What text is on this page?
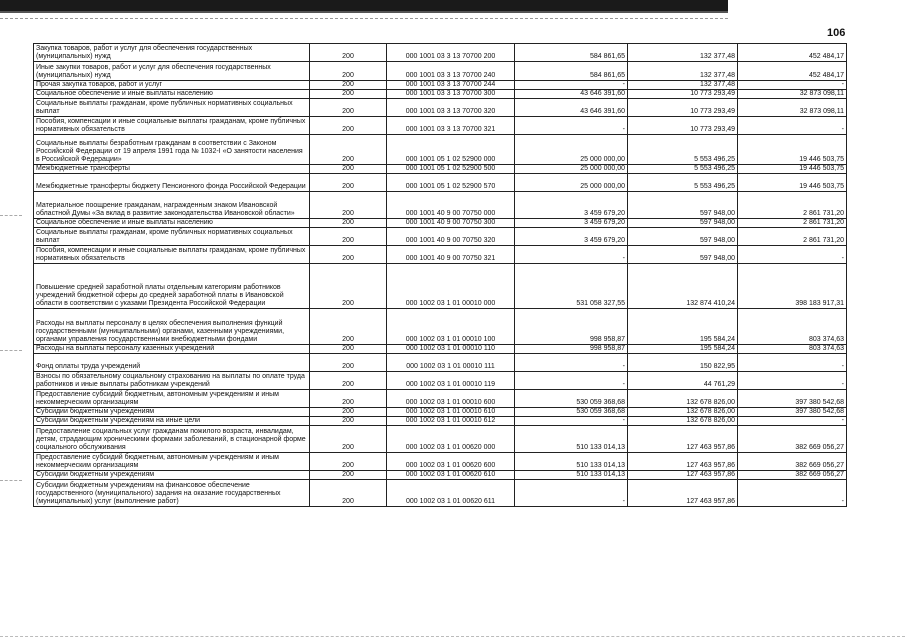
106
Закупка товаров, работ и услуг для обеспечения государственных (муниципальных) нужд	200	000 1001 03 3 13 70700 200	584 861,65	132 377,48	452 484,17
Иные закупки товаров, работ и услуг для обеспечения государственных (муниципальных) нужд	200	000 1001 03 3 13 70700 240	584 861,65	132 377,48	452 484,17
Прочая закупка товаров, работ и услуг	200	000 1001 03 3 13 70700 244	-	132 377,48	-
Социальное обеспечение и иные выплаты населению	200	000 1001 03 3 13 70700 300	43 646 391,60	10 773 293,49	32 873 098,11
Социальные выплаты гражданам, кроме публичных нормативных социальных выплат	200	000 1001 03 3 13 70700 320	43 646 391,60	10 773 293,49	32 873 098,11
Пособия, компенсации и иные социальные выплаты гражданам, кроме публичных нормативных обязательств	200	000 1001 03 3 13 70700 321	-	10 773 293,49	-
Социальные выплаты безработным гражданам в соответствии с Законом Российской Федерации от 19 апреля 1991 года № 1032-I «О занятости населения в Российской Федерации»	200	000 1001 05 1 02 52900 000	25 000 000,00	5 553 496,25	19 446 503,75
Межбюджетные трансферты	200	000 1001 05 1 02 52900 500	25 000 000,00	5 553 496,25	19 446 503,75
Межбюджетные трансферты бюджету Пенсионного фонда Российской Федерации	200	000 1001 05 1 02 52900 570	25 000 000,00	5 553 496,25	19 446 503,75
Материальное поощрение гражданам, награжденным знаком Ивановской областной Думы «За вклад в развитие законодательства Ивановской области»	200	000 1001 40 9 00 70750 000	3 459 679,20	597 948,00	2 861 731,20
Социальное обеспечение и иные выплаты населению	200	000 1001 40 9 00 70750 300	3 459 679,20	597 948,00	2 861 731,20
Социальные выплаты гражданам, кроме публичных нормативных социальных выплат	200	000 1001 40 9 00 70750 320	3 459 679,20	597 948,00	2 861 731,20
Пособия, компенсации и иные социальные выплаты гражданам, кроме публичных нормативных обязательств	200	000 1001 40 9 00 70750 321	-	597 948,00	-
Повышение средней заработной платы отдельным категориям работников учреждений бюджетной сферы до средней заработной платы в Ивановской области в соответствии с указами Президента Российской Федерации	200	000 1002 03 1 01 00010 000	531 058 327,55	132 874 410,24	398 183 917,31
Расходы на выплаты персоналу в целях обеспечения выполнения функций государственными (муниципальными) органами, казенными учреждениями, органами управления государственными внебюджетными фондами	200	000 1002 03 1 01 00010 100	998 958,87	195 584,24	803 374,63
Расходы на выплаты персоналу казенных учреждений	200	000 1002 03 1 01 00010 110	998 958,87	195 584,24	803 374,63
Фонд оплаты труда учреждений	200	000 1002 03 1 01 00010 111	-	150 822,95	-
Взносы по обязательному социальному страхованию на выплаты по оплате труда работников и иные выплаты работникам учреждений	200	000 1002 03 1 01 00010 119	-	44 761,29	-
Предоставление субсидий бюджетным, автономным учреждениям и иным некоммерческим организациям	200	000 1002 03 1 01 00010 600	530 059 368,68	132 678 826,00	397 380 542,68
Субсидии бюджетным учреждениям	200	000 1002 03 1 01 00010 610	530 059 368,68	132 678 826,00	397 380 542,68
Субсидии бюджетным учреждениям на иные цели	200	000 1002 03 1 01 00010 612	-	132 678 826,00	-
Предоставление социальных услуг гражданам пожилого возраста, инвалидам, детям, страдающим хроническими формами заболеваний, в стационарной форме социального обслуживания	200	000 1002 03 1 01 00620 000	510 133 014,13	127 463 957,86	382 669 056,27
Предоставление субсидий бюджетным, автономным учреждениям и иным некоммерческим организациям	200	000 1002 03 1 01 00620 600	510 133 014,13	127 463 957,86	382 669 056,27
Субсидии бюджетным учреждениям	200	000 1002 03 1 01 00620 610	510 133 014,13	127 463 957,86	382 669 056,27
Субсидии бюджетным учреждениям на финансовое обеспечение государственного (муниципального) задания на оказание государственных (муниципальных) услуг (выполнение работ)	200	000 1002 03 1 01 00620 611	-	127 463 957,86	-
